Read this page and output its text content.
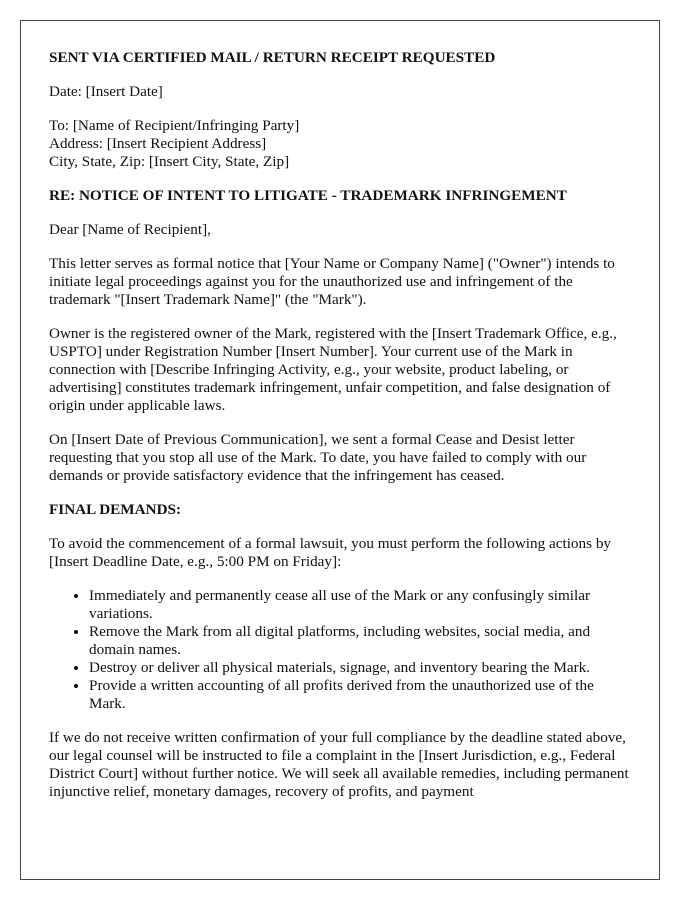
SENT VIA CERTIFIED MAIL / RETURN RECEIPT REQUESTED
Date: [Insert Date]
To: [Name of Recipient/Infringing Party]
Address: [Insert Recipient Address]
City, State, Zip: [Insert City, State, Zip]
RE: NOTICE OF INTENT TO LITIGATE - TRADEMARK INFRINGEMENT
Dear [Name of Recipient],

This letter serves as formal notice that [Your Name or Company Name] ("Owner") intends to initiate legal proceedings against you for the unauthorized use and infringement of the trademark "[Insert Trademark Name]" (the "Mark").

Owner is the registered owner of the Mark, registered with the [Insert Trademark Office, e.g., USPTO] under Registration Number [Insert Number]. Your current use of the Mark in connection with [Describe Infringing Activity, e.g., your website, product labeling, or advertising] constitutes trademark infringement, unfair competition, and false designation of origin under applicable laws.

On [Insert Date of Previous Communication], we sent a formal Cease and Desist letter requesting that you stop all use of the Mark. To date, you have failed to comply with our demands or provide satisfactory evidence that the infringement has ceased.

FINAL DEMANDS:

To avoid the commencement of a formal lawsuit, you must perform the following actions by [Insert Deadline Date, e.g., 5:00 PM on Friday]:

• Immediately and permanently cease all use of the Mark or any confusingly similar variations.
• Remove the Mark from all digital platforms, including websites, social media, and domain names.
• Destroy or deliver all physical materials, signage, and inventory bearing the Mark.
• Provide a written accounting of all profits derived from the unauthorized use of the Mark.

If we do not receive written confirmation of your full compliance by the deadline stated above, our legal counsel will be instructed to file a complaint in the [Insert Jurisdiction, e.g., Federal District Court] without further notice. We will seek all available remedies, including permanent injunctive relief, monetary damages, recovery of profits, and payment
